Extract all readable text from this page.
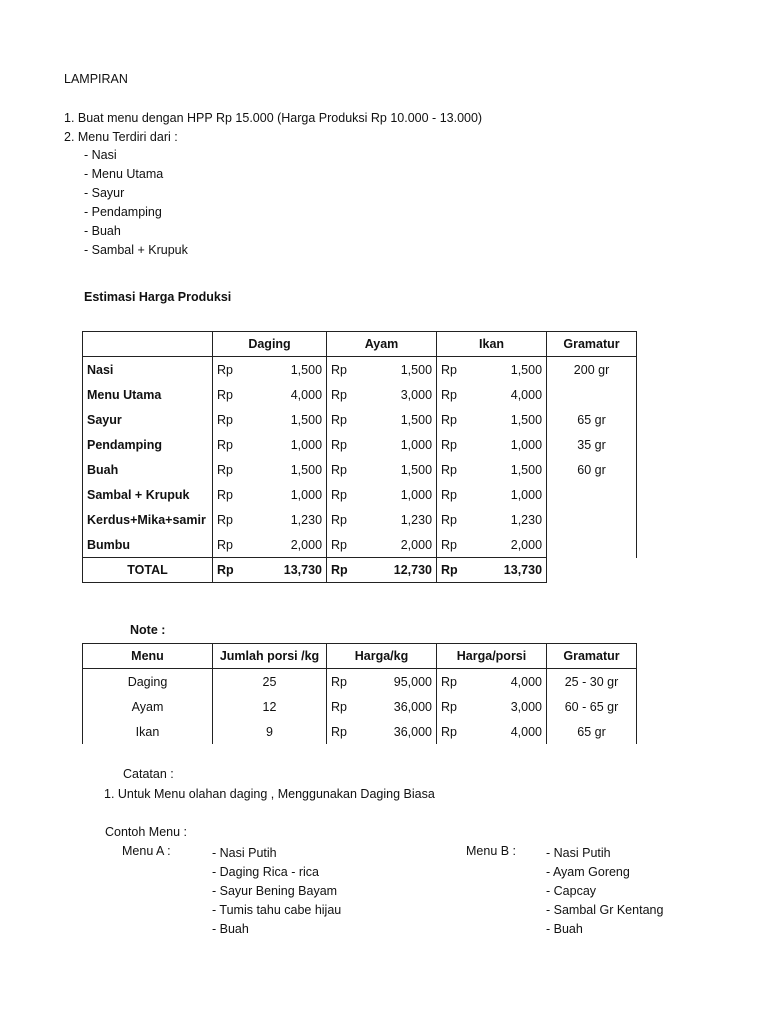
LAMPIRAN
1. Buat menu dengan HPP Rp 15.000 (Harga Produksi Rp 10.000 - 13.000)
2. Menu Terdiri dari :
- Nasi
- Menu Utama
- Sayur
- Pendamping
- Buah
- Sambal + Krupuk
Estimasi Harga Produksi
	Daging		Ayam		Ikan		Gramatur
Nasi	Rp	1,500	Rp	1,500	Rp	1,500	200 gr
Menu Utama	Rp	4,000	Rp	3,000	Rp	4,000	
Sayur	Rp	1,500	Rp	1,500	Rp	1,500	65 gr
Pendamping	Rp	1,000	Rp	1,000	Rp	1,000	35 gr
Buah	Rp	1,500	Rp	1,500	Rp	1,500	60 gr
Sambal + Krupuk	Rp	1,000	Rp	1,000	Rp	1,000	
Kerdus+Mika+samir	Rp	1,230	Rp	1,230	Rp	1,230	
Bumbu	Rp	2,000	Rp	2,000	Rp	2,000	
TOTAL	Rp	13,730	Rp	12,730	Rp	13,730	
Note :
Menu	Jumlah porsi /kg	Harga/kg		Harga/porsi		Gramatur
Daging	25	Rp	95,000	Rp	4,000	25 - 30 gr
Ayam	12	Rp	36,000	Rp	3,000	60 - 65 gr
Ikan	9	Rp	36,000	Rp	4,000	65 gr
Catatan :
1. Untuk Menu olahan daging , Menggunakan Daging Biasa
Contoh Menu :
Menu A :	- Nasi Putih
- Daging Rica - rica
- Sayur Bening Bayam
- Tumis tahu cabe hijau
- Buah
Menu B : - Nasi Putih
- Ayam Goreng
- Capcay
- Sambal Gr Kentang
- Buah
